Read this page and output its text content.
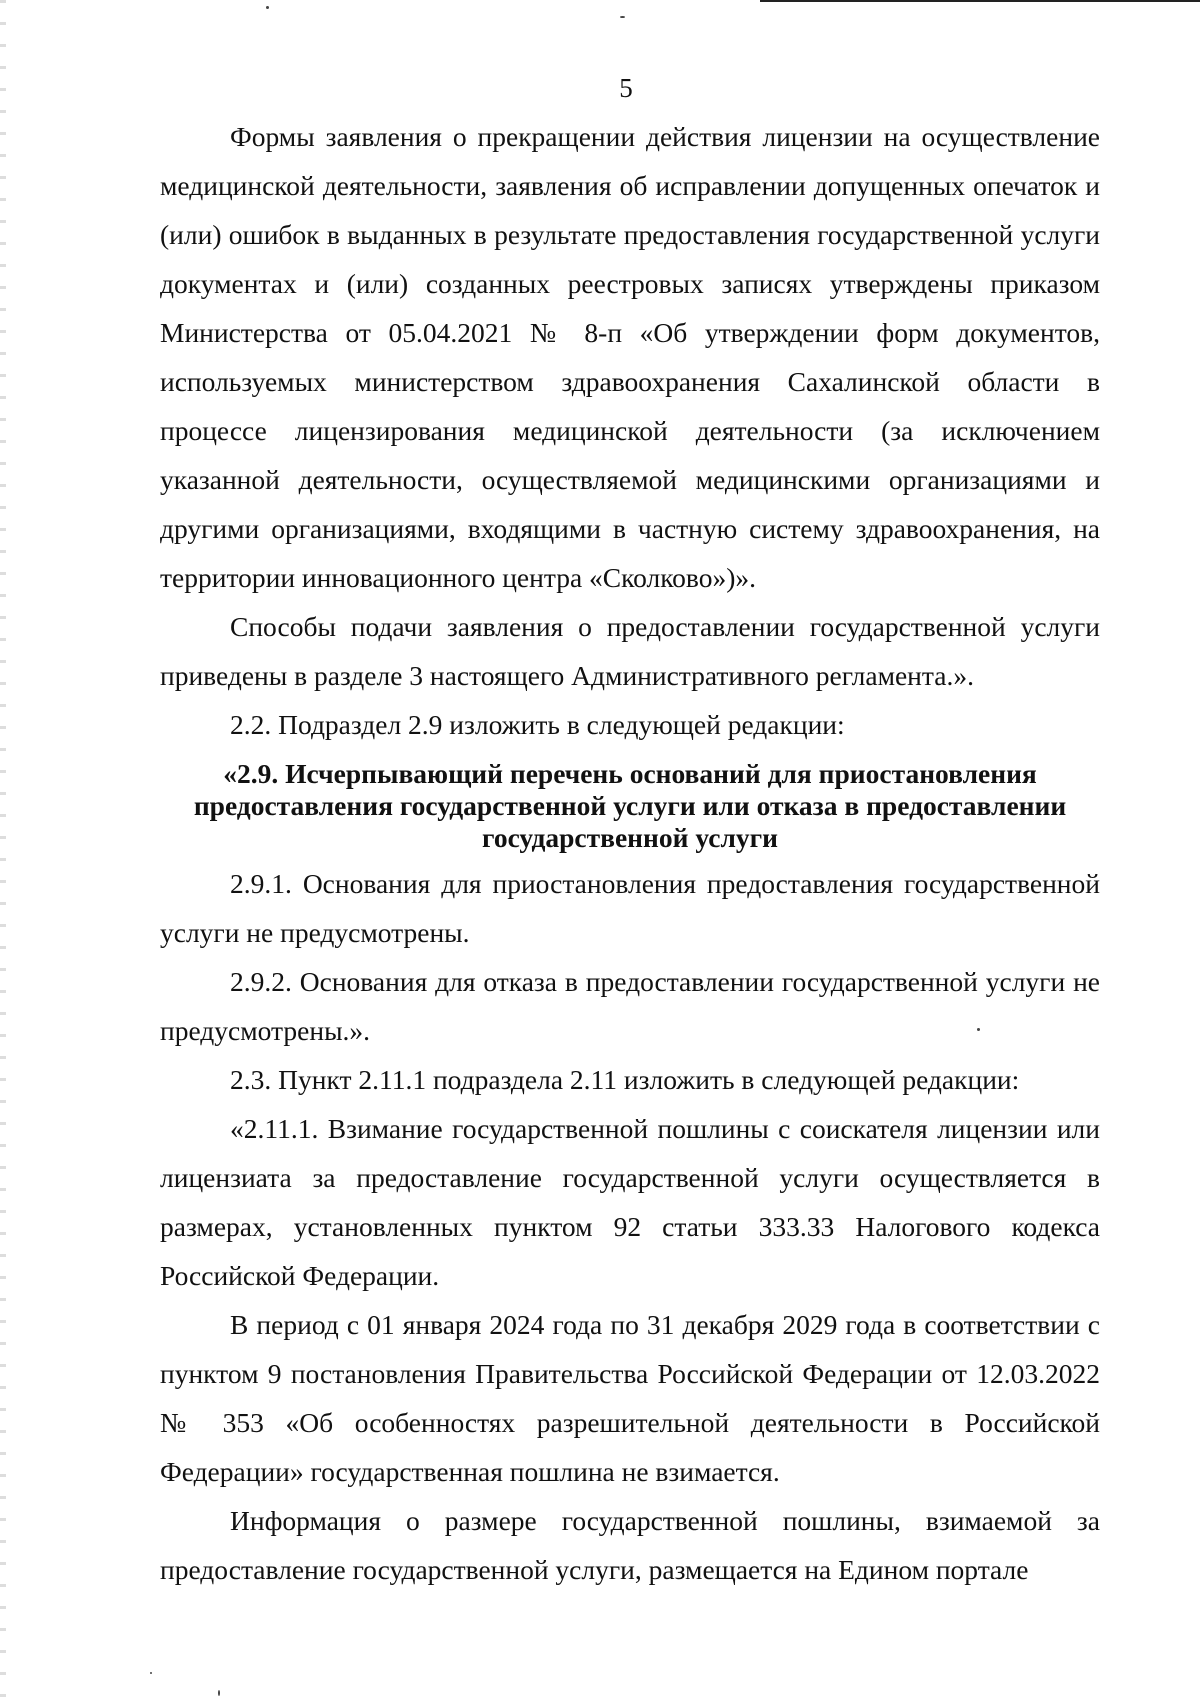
5

Формы заявления о прекращении действия лицензии на осуществление медицинской деятельности, заявления об исправлении допущенных опечаток и (или) ошибок в выданных в результате предоставления государственной услуги документах и (или) созданных реестровых записях утверждены приказом Министерства от 05.04.2021 № 8-п «Об утверждении форм документов, используемых министерством здравоохранения Сахалинской области в процессе лицензирования медицинской деятельности (за исключением указанной деятельности, осуществляемой медицинскими организациями и другими организациями, входящими в частную систему здравоохранения, на территории инновационного центра «Сколково»)».

Способы подачи заявления о предоставлении государственной услуги приведены в разделе 3 настоящего Административного регламента.».

2.2. Подраздел 2.9 изложить в следующей редакции:

«2.9. Исчерпывающий перечень оснований для приостановления
предоставления государственной услуги или отказа в предоставлении
государственной услуги

2.9.1. Основания для приостановления предоставления государственной услуги не предусмотрены.

2.9.2. Основания для отказа в предоставлении государственной услуги не предусмотрены.».

2.3. Пункт 2.11.1 подраздела 2.11 изложить в следующей редакции:

«2.11.1. Взимание государственной пошлины с соискателя лицензии или лицензиата за предоставление государственной услуги осуществляется в размерах, установленных пунктом 92 статьи 333.33 Налогового кодекса Российской Федерации.

В период с 01 января 2024 года по 31 декабря 2029 года в соответствии с пунктом 9 постановления Правительства Российской Федерации от 12.03.2022 № 353 «Об особенностях разрешительной деятельности в Российской Федерации» государственная пошлина не взимается.

Информация о размере государственной пошлины, взимаемой за предоставление государственной услуги, размещается на Едином портале
